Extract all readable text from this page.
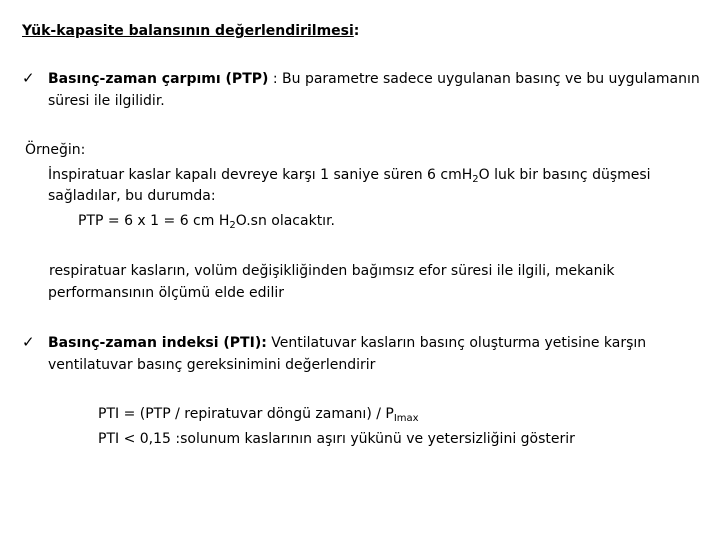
Yük-kapasite balansının değerlendirilmesi:
✓ Basınç-zaman çarpımı (PTP) : Bu parametre sadece uygulanan basınç ve bu uygulamanın
süresi ile ilgilidir.
Örneğin:
İnspiratuar kaslar kapalı devreye karşı 1 saniye süren 6 cmH$_2$O luk bir basınç düşmesi
sağladılar, bu durumda:
PTP = 6 x 1 = 6 cm $H_2O.sn$ olacaktır.
respiratuar kasların, volüm değişikliğinden bağımsız efor süresi ile ilgili, mekanik
performansının ölçümü elde edilir
✓ Basınç-zaman indeksi (PTI): Ventilatuvar kasların basınç oluşturma yetisine karşın
ventilatuvar basınç gereksinimini değerlendirir
PTI = (PTP / repiratuvar döngü zamanı) / $P_{Imax}$
PTI < 0,15 :solunum kaslarının aşırı yükünü ve yetersizliğini gösterir
